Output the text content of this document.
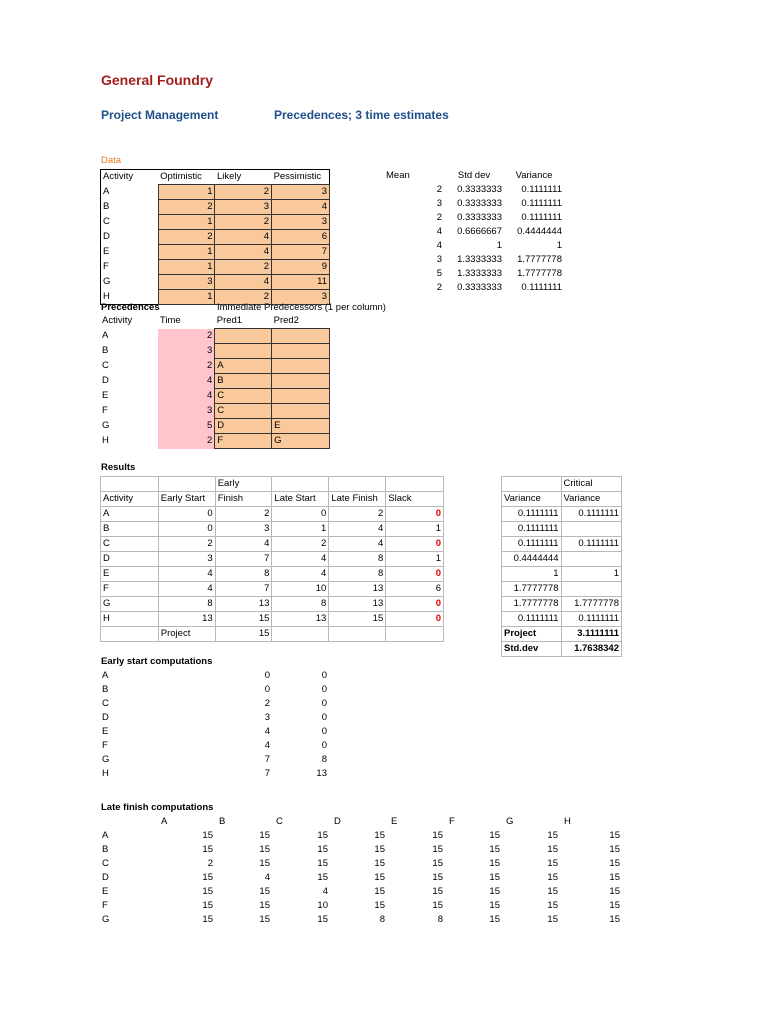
General Foundry
Project Management	Precedences; 3 time estimates
Data
Activity	Optimistic	Likely	Pessimistic
A	1	2	3
B	2	3	4
C	1	2	3
D	2	4	6
E	1	4	7
F	1	2	9
G	3	4	11
H	1	2	3
Mean	Std dev	Variance
2	0.3333333	0.1111111
3	0.3333333	0.1111111
2	0.3333333	0.1111111
4	0.6666667	0.4444444
4	1	1
3	1.3333333	1.7777778
5	1.3333333	1.7777778
2	0.3333333	0.1111111
Precedences	Immediate Predecessors (1 per column)
Activity	Time	Pred1	Pred2
A	2		
B	3		
C	2	A	
D	4	B	
E	4	C	
F	3	C	
G	5	D	E
H	2	F	G
Results
		Early			
Activity	Early Start	Finish	Late Start	Late Finish	Slack
A	0	2	0	2	0
B	0	3	1	4	1
C	2	4	2	4	0
D	3	7	4	8	1
E	4	8	4	8	0
F	4	7	10	13	6
G	8	13	8	13	0
H	13	15	13	15	0
	Project	15			
	Critical
Variance	Variance
0.1111111	0.1111111
0.1111111	
0.1111111	0.1111111
0.4444444	
1	1
1.7777778	
1.7777778	1.7777778
0.1111111	0.1111111
Project	3.1111111
Std.dev	1.7638342
Early start computations
A	0	0
B	0	0
C	2	0
D	3	0
E	4	0
F	4	0
G	7	8
H	7	13
Late finish computations
	A	B	C	D	E	F	G	H
A	15	15	15	15	15	15	15	15
B	15	15	15	15	15	15	15	15
C	2	15	15	15	15	15	15	15
D	15	4	15	15	15	15	15	15
E	15	15	4	15	15	15	15	15
F	15	15	10	15	15	15	15	15
G	15	15	15	8	8	15	15	15
